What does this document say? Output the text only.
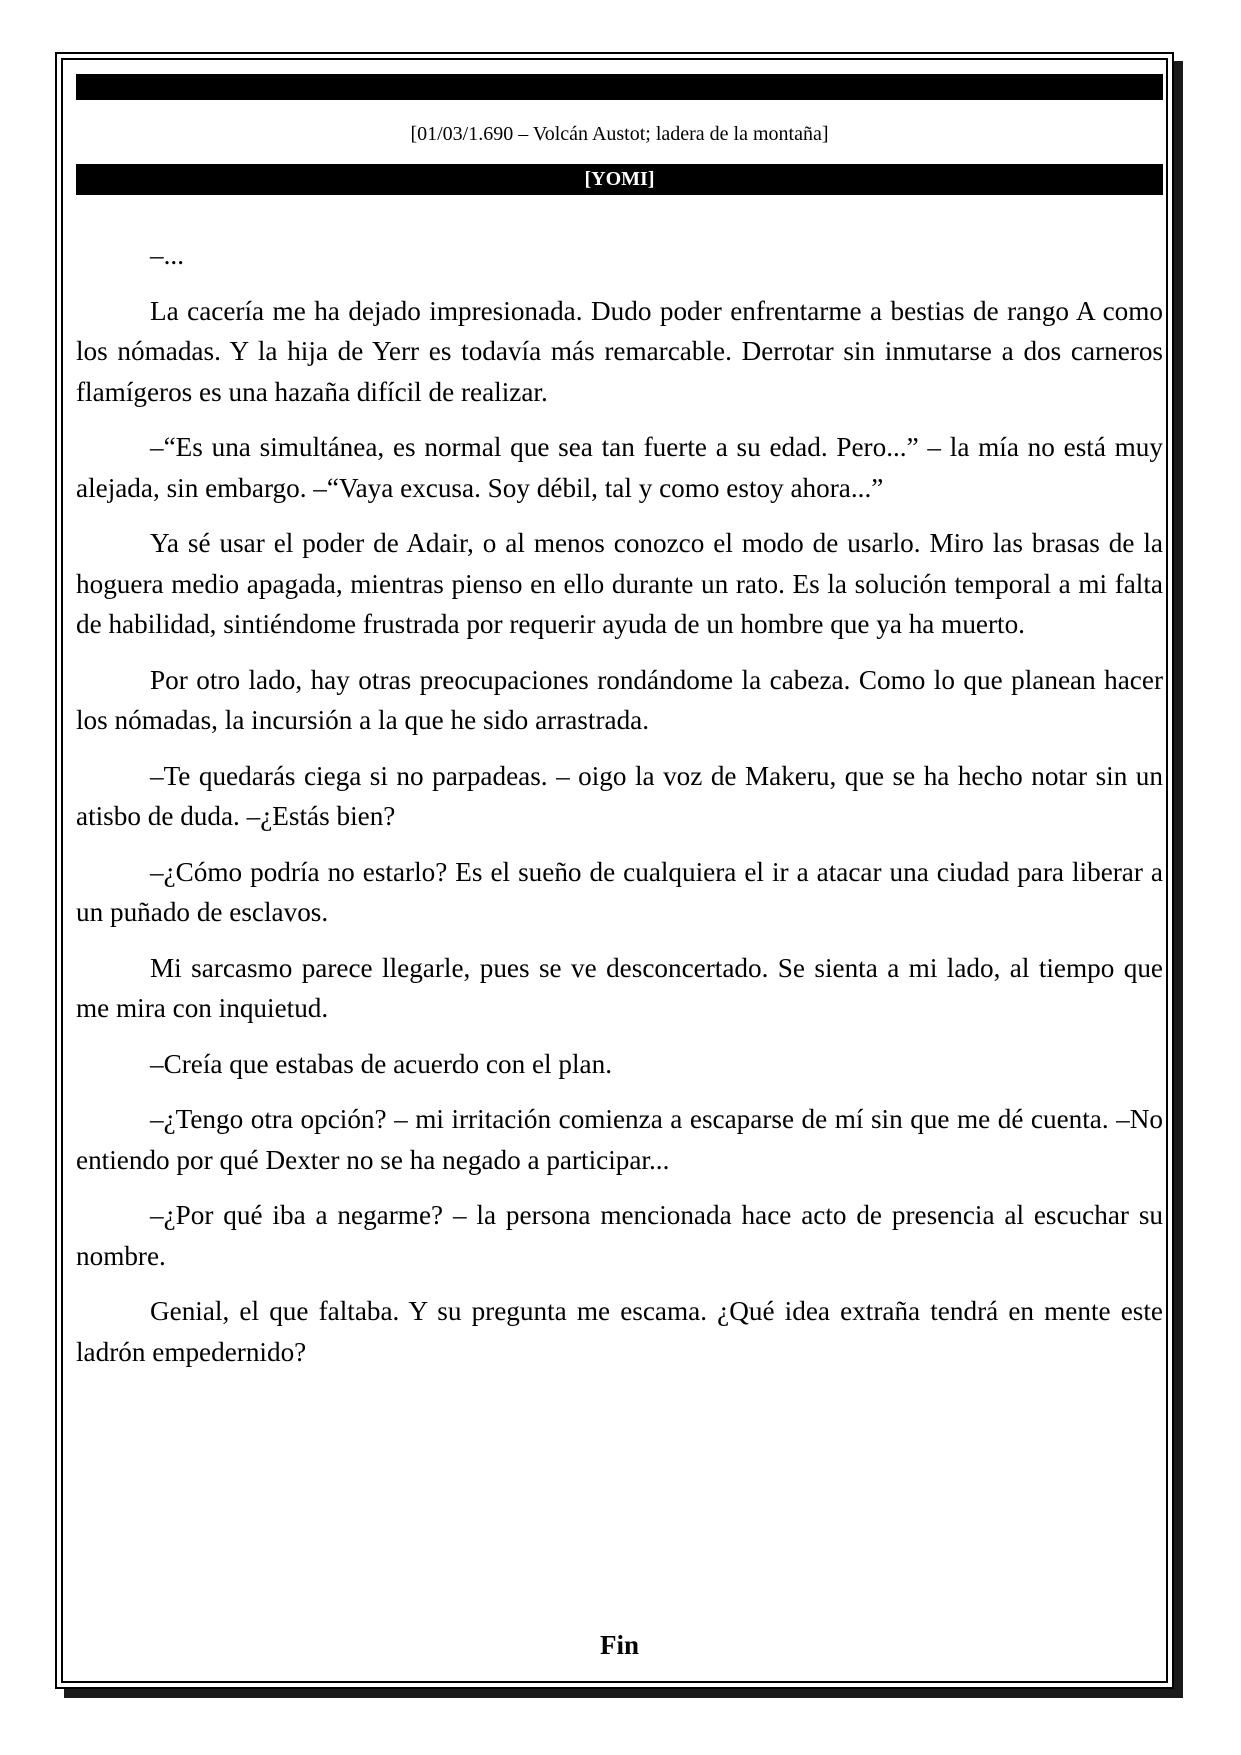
[01/03/1.690 – Volcán Austot; ladera de la montaña]
[YOMI]

–...

La cacería me ha dejado impresionada. Dudo poder enfrentarme a bestias de rango A como los nómadas. Y la hija de Yerr es todavía más remarcable. Derrotar sin inmutarse a dos carneros flamígeros es una hazaña difícil de realizar.

–“Es una simultánea, es normal que sea tan fuerte a su edad. Pero...” – la mía no está muy alejada, sin embargo. –“Vaya excusa. Soy débil, tal y como estoy ahora...”

Ya sé usar el poder de Adair, o al menos conozco el modo de usarlo. Miro las brasas de la hoguera medio apagada, mientras pienso en ello durante un rato. Es la solución temporal a mi falta de habilidad, sintiéndome frustrada por requerir ayuda de un hombre que ya ha muerto.

Por otro lado, hay otras preocupaciones rondándome la cabeza. Como lo que planean hacer los nómadas, la incursión a la que he sido arrastrada.

–Te quedarás ciega si no parpadeas. – oigo la voz de Makeru, que se ha hecho notar sin un atisbo de duda. –¿Estás bien?

–¿Cómo podría no estarlo? Es el sueño de cualquiera el ir a atacar una ciudad para liberar a un puñado de esclavos.

Mi sarcasmo parece llegarle, pues se ve desconcertado. Se sienta a mi lado, al tiempo que me mira con inquietud.

–Creía que estabas de acuerdo con el plan.

–¿Tengo otra opción? – mi irritación comienza a escaparse de mí sin que me dé cuenta. –No entiendo por qué Dexter no se ha negado a participar...

–¿Por qué iba a negarme? – la persona mencionada hace acto de presencia al escuchar su nombre.

Genial, el que faltaba. Y su pregunta me escama. ¿Qué idea extraña tendrá en mente este ladrón empedernido?

Fin
